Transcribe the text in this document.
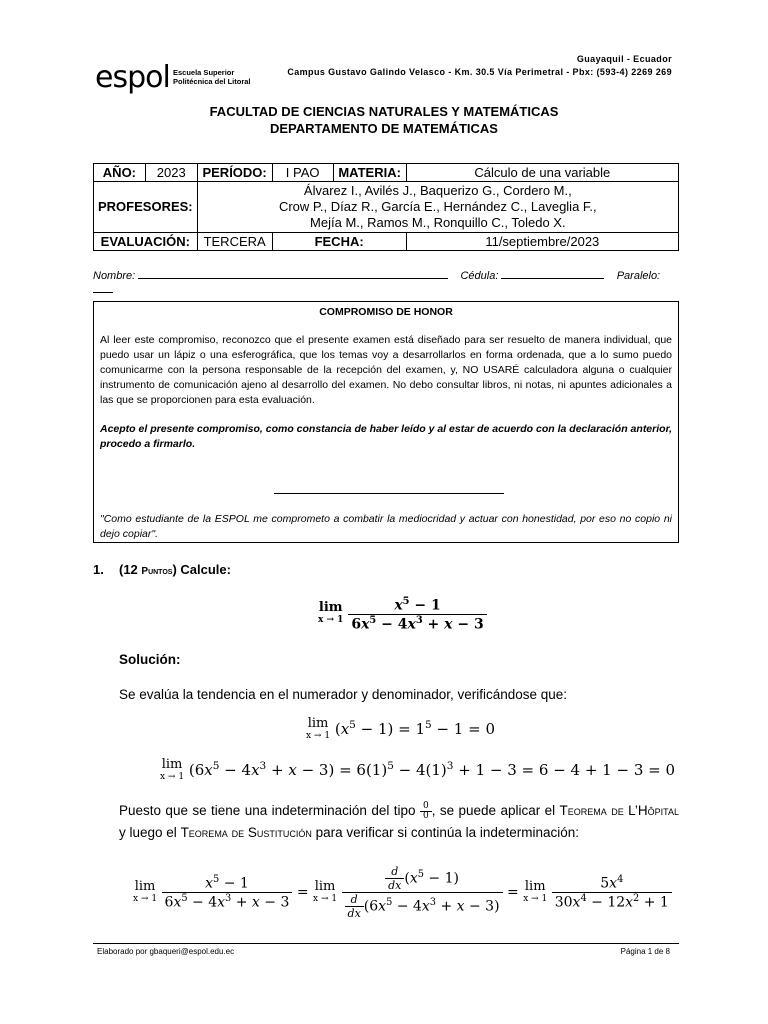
espol Escuela Superior
Politécnica del Litoral
Guayaquil - Ecuador
Campus Gustavo Galindo Velasco - Km. 30.5 Vía Perimetral - Pbx: (593-4) 2269 269
FACULTAD DE CIENCIAS NATURALES Y MATEMÁTICAS
DEPARTAMENTO DE MATEMÁTICAS
AÑO:	2023	PERÍODO:	I PAO	MATERIA:	Cálculo de una variable
PROFESORES:		Álvarez I., Avilés J., Baquerizo G., Cordero M.,
Crow P., Díaz R., García E., Hernández C., Laveglia F.,
Mejía M., Ramos M., Ronquillo C., Toledo X.			

EVALUACIÓN:		TERCERA	FECHA:		11/septiembre/2023
Nombre:	Cédula:	Paralelo:
COMPROMISO DE HONOR
Al leer este compromiso, reconozco que el presente examen está diseñado para ser resuelto de manera individual, que puedo usar un lápiz o una esferográfica, que los temas voy a desarrollarlos en forma ordenada, que a lo sumo puedo comunicarme con la persona responsable de la recepción del examen, y, NO USARÉ calculadora alguna o cualquier instrumento de comunicación ajeno al desarrollo del examen. No debo consultar libros, ni notas, ni apuntes adicionales a las que se proporcionen para esta evaluación.
Acepto el presente compromiso, como constancia de haber leído y al estar de acuerdo con la declaración anterior, procedo a firmarlo.
"Como estudiante de la ESPOL me comprometo a combatir la mediocridad y actuar con honestidad, por eso no copio ni dejo copiar".
1. (12 Puntos) Calcule:
lim
x → 1
$\frac{x^5 - 1}{6x^5 - 4x^3 + x - 3}$
Solución:
Se evalúa la tendencia en el numerador y denominador, verificándose que:
lim
x → 1 $(x^5 - 1) = 1^5 - 1 = 0$
lim
x → 1 $(6x^5 - 4x^3 + x - 3) = 6(1)^5 - 4(1)^3 + 1 - 3 = 6 - 4 + 1 - 3 = 0$
Puesto que se tiene una indeterminación del tipo $\frac{0}{0}$ , se puede aplicar el Teorema de L’Hôpital y luego el Teorema de Sustitución para verificar si continúa la indeterminación:
lim
x → 1
$\frac{x^5 - 1}{6x^5 - 4x^3 + x - 3} = \lim$
x → 1
$\frac{\frac{d}{dx} (x^5 - 1)}{\frac{d}{dx} (6x^5 - 4x^3 + x - 3)} = \lim$
x → 1
$\frac{5x^4}{30x^4 - 12x^2 + 1}$
Elaborado por gbaqueri@espol.edu.ec	Página 1 de 8
